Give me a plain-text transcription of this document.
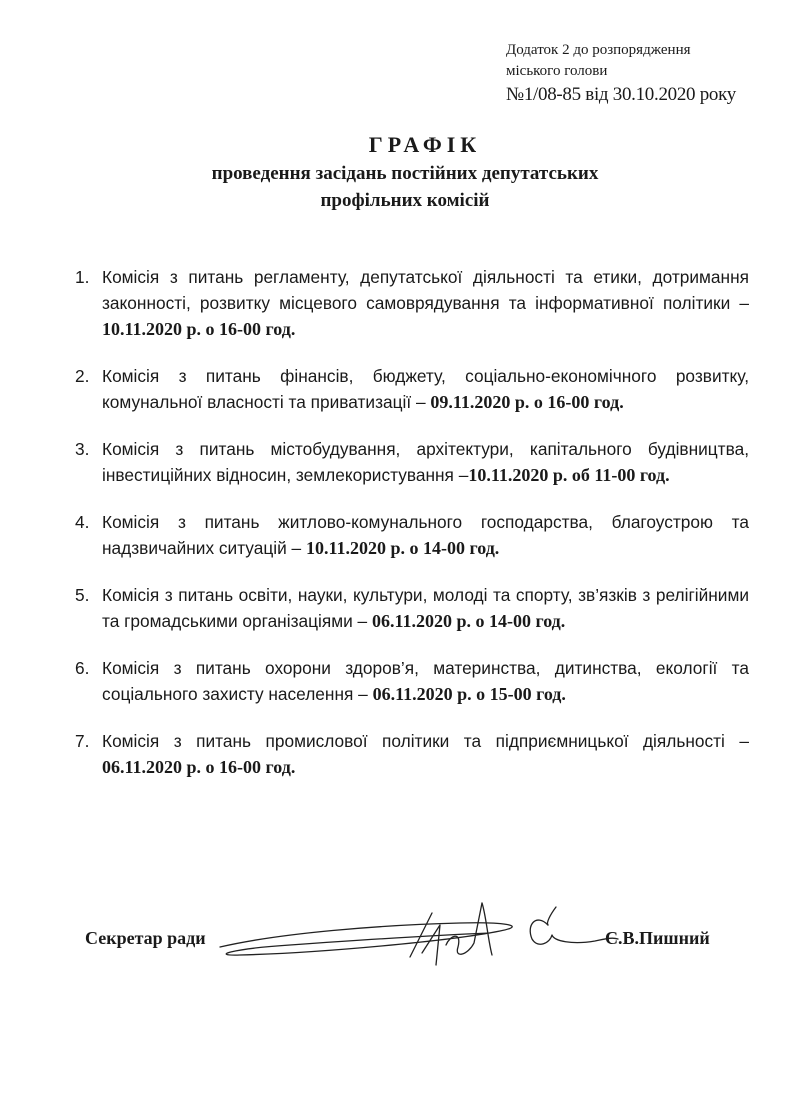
Додаток 2 до розпорядження
міського голови
№1/08-85 від 30.10.2020 року
ГРАФІК
проведення засідань постійних депутатських
профільних комісій
1. Комісія з питань регламенту, депутатської діяльності та етики, дотримання законності, розвитку місцевого самоврядування та інформативної політики – 10.11.2020 р. о 16-00 год.
2. Комісія з питань фінансів, бюджету, соціально-економічного розвитку, комунальної власності та приватизації – 09.11.2020 р. о 16-00 год.
3. Комісія з питань містобудування, архітектури, капітального будівництва, інвестиційних відносин, землекористування –10.11.2020 р. об 11-00 год.
4. Комісія з питань житлово-комунального господарства, благоустрою та надзвичайних ситуацій – 10.11.2020 р. о 14-00 год.
5. Комісія з питань освіти, науки, культури, молоді та спорту, зв’язків з релігійними та громадськими організаціями – 06.11.2020 р. о 14-00 год.
6. Комісія з питань охорони здоров’я, материнства, дитинства, екології та соціального захисту населення – 06.11.2020 р. о 15-00 год.
7. Комісія з питань промислової політики та підприємницької діяльності – 06.11.2020 р. о 16-00 год.
Секретар ради	С.В.Пишний
